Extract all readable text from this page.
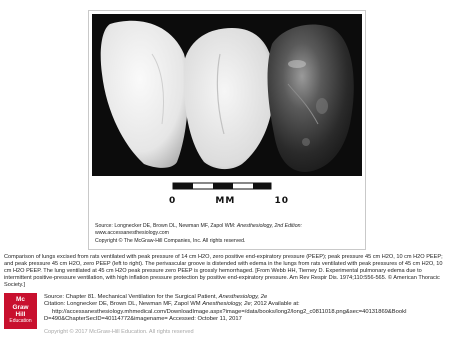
0	MM	10
Source: Longnecker DE, Brown DL, Newman MF, Zapol WM: Anesthesiology, 2nd Edition:
www.accessanesthesiology.com
Copyright © The McGraw-Hill Companies, Inc. All rights reserved.
Comparison of lungs excised from rats ventilated with peak pressure of 14 cm H2O, zero positive end-expiratory pressure (PEEP); peak pressure 45 cm H2O, 10 cm H2O PEEP; and peak pressure 45 cm H2O, zero PEEP (left to right). The perivascular groove is distended with edema in the lungs from rats ventilated with peak pressures of 45 cm H2O, 10 cm H2O PEEP. The lung ventilated at 45 cm H2O peak pressure zero PEEP is grossly hemorrhaged. [From Webb HH, Tierney D. Experimental pulmonary edema due to intermittent positive-pressure ventilation, with high inflation pressure protection by positive end-expiratory pressure. Am Rev Respir Dis. 1974;110:556-565. © American Thoracic Society.]
Mc
Graw
Hill
Education
Source: Chapter 81. Mechanical Ventilation for the Surgical Patient, Anesthesiology, 2e
Citation: Longnecker DE, Brown DL, Newman MF, Zapol WM Anesthesiology, 2e; 2012 Available at:
http://accessanesthesiology.mhmedical.com/DownloadImage.aspx?image=/data/books/long2/long2_c0811018.png&sec=40131869&BookI
D=490&ChapterSecID=40114772&imagename= Accessed: October 11, 2017
Copyright © 2017 McGraw-Hill Education. All rights reserved
